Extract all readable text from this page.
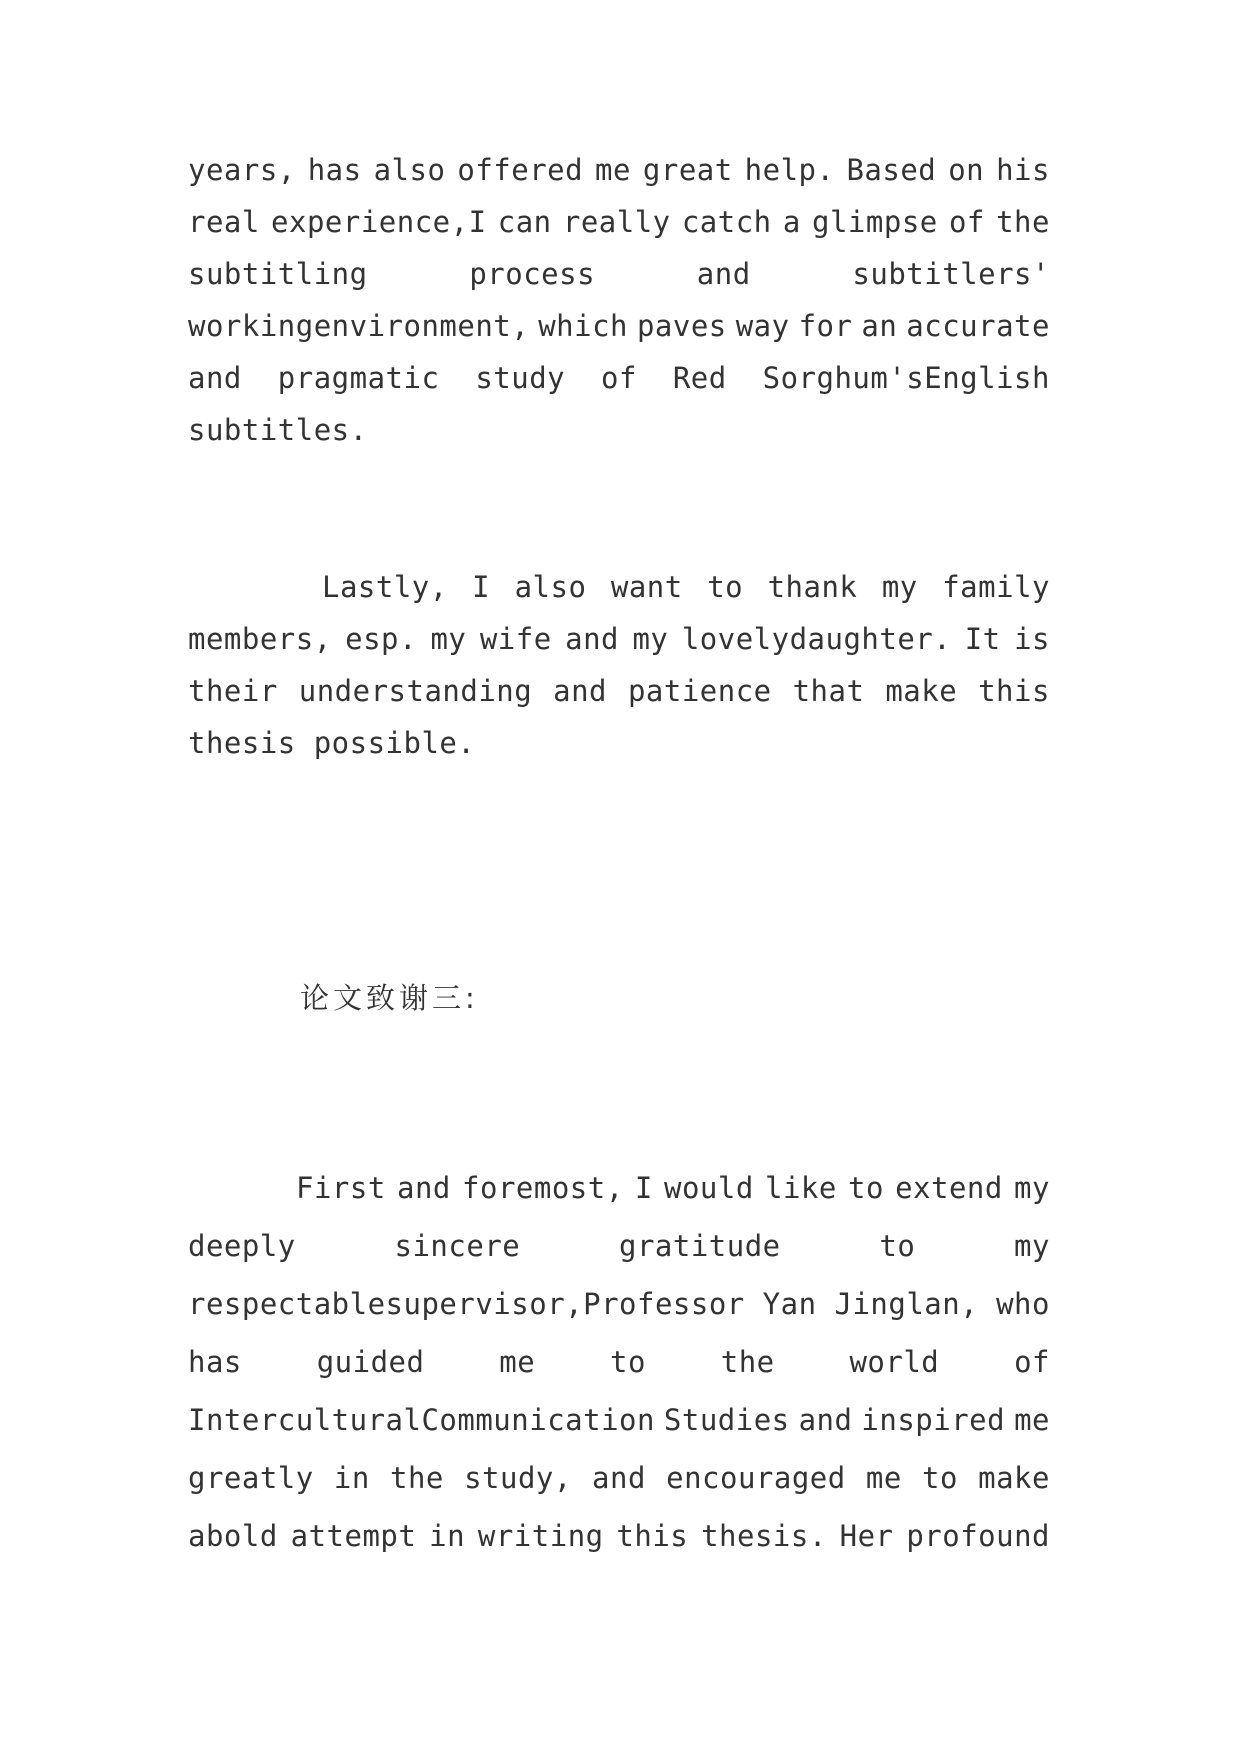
years, has also offered me great help. Based on his
real experience,I can really catch a glimpse of the
subtitling	process	and	subtitlers'
workingenvironment, which paves way for an accurate
and pragmatic study of Red Sorghum'sEnglish
subtitles.
Lastly, I also want to thank my family
members, esp. my wife and my lovelydaughter. It is
their understanding and patience that make this
thesis possible.
论文致谢三:
First and foremost, I would like to extend my
deeply	sincere	gratitude	to	my
respectablesupervisor,Professor Yan Jinglan, who
has	guided	me	to	the	world	of
InterculturalCommunication Studies and inspired me
greatly in the study, and encouraged me to make
abold attempt in writing this thesis. Her profound
